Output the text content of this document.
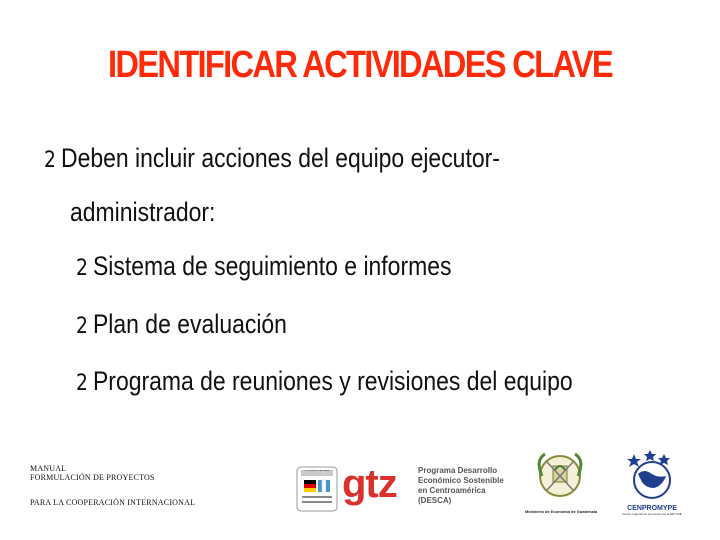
IDENTIFICAR ACTIVIDADES CLAVE
2 Deben incluir acciones del equipo ejecutor-
administrador:
2 Sistema de seguimiento e informes
2 Plan de evaluación
2 Programa de reuniones y revisiones del equipo
MANUAL
FORMULACIÓN DE PROYECTOS
PARA LA COOPERACIÓN INTERNACIONAL
COOPERACIÓN ALEMANA gtz	Programa Desarrollo
Económico Sostenible
en Centroamérica
(DESCA)
Ministerio de Economía de Guatemala	CENPROMYPE
Centro regional de promoción de la MIPYME
